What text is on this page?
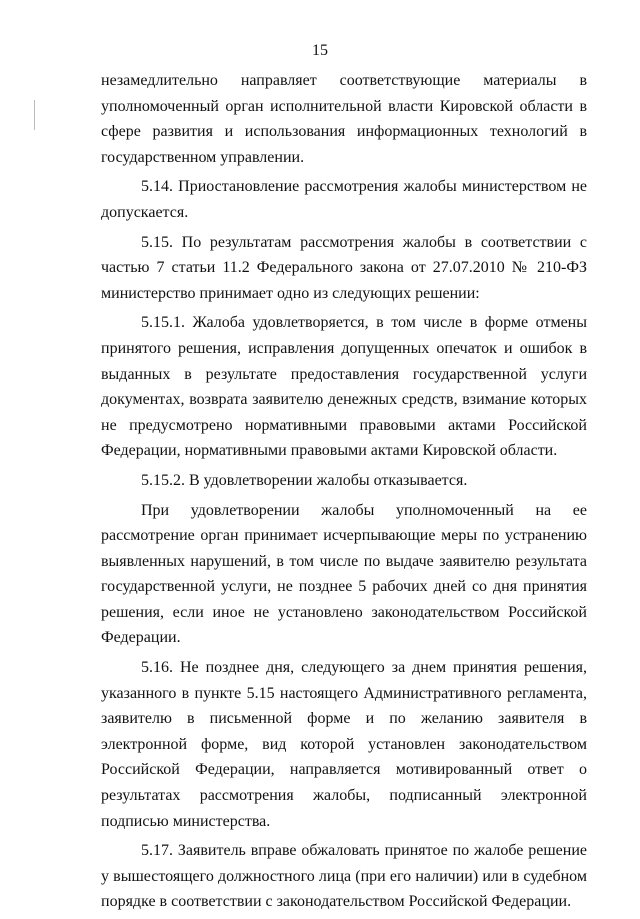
15

незамедлительно направляет соответствующие материалы в уполномоченный орган исполнительной власти Кировской области в сфере развития и использования информационных технологий в государственном управлении.

5.14. Приостановление рассмотрения жалобы министерством не допускается.

5.15. По результатам рассмотрения жалобы в соответствии с частью 7 статьи 11.2 Федерального закона от 27.07.2010 № 210-ФЗ министерство принимает одно из следующих решении:

5.15.1. Жалоба удовлетворяется, в том числе в форме отмены принятого решения, исправления допущенных опечаток и ошибок в выданных в результате предоставления государственной услуги документах, возврата заявителю денежных средств, взимание которых не предусмотрено нормативными правовыми актами Российской Федерации, нормативными правовыми актами Кировской области.

5.15.2. В удовлетворении жалобы отказывается.

При удовлетворении жалобы уполномоченный на ее рассмотрение орган принимает исчерпывающие меры по устранению выявленных нарушений, в том числе по выдаче заявителю результата государственной услуги, не позднее 5 рабочих дней со дня принятия решения, если иное не установлено законодательством Российской Федерации.

5.16. Не позднее дня, следующего за днем принятия решения, указанного в пункте 5.15 настоящего Административного регламента, заявителю в письменной форме и по желанию заявителя в электронной форме, вид которой установлен законодательством Российской Федерации, направляется мотивированный ответ о результатах рассмотрения жалобы, подписанный электронной подписью министерства.

5.17. Заявитель вправе обжаловать принятое по жалобе решение у вышестоящего должностного лица (при его наличии) или в судебном порядке в соответствии с законодательством Российской Федерации.
